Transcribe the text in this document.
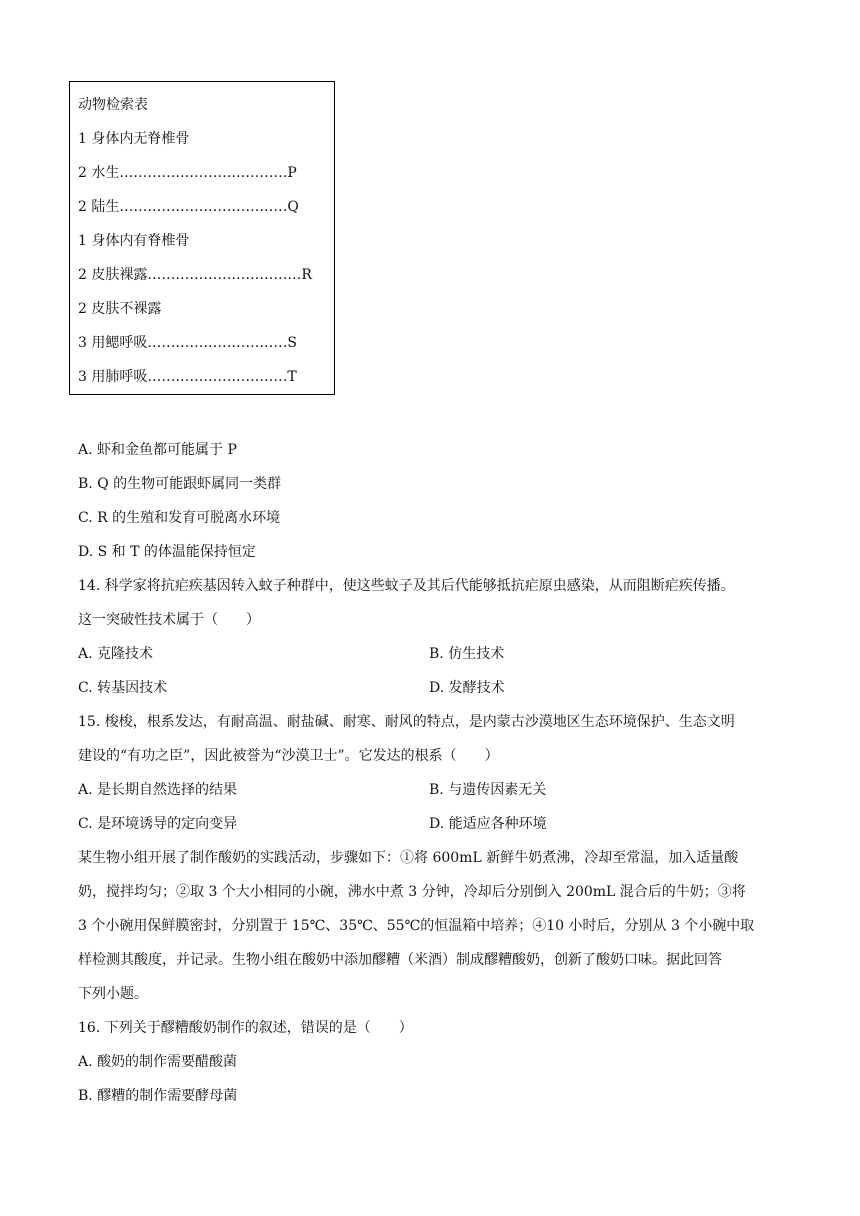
动物检索表
1 身体内无脊椎骨
2 水生………………………………P
2 陆生………………………………Q
1 身体内有脊椎骨
2 皮肤裸露……………………………R
2 皮肤不裸露
3 用鳃呼吸…………………………S
3 用肺呼吸…………………………T
A. 虾和金鱼都可能属于 P
B. Q 的生物可能跟虾属同一类群
C. R 的生殖和发育可脱离水环境
D. S 和 T 的体温能保持恒定
14. 科学家将抗疟疾基因转入蚊子种群中，使这些蚊子及其后代能够抵抗疟原虫感染，从而阻断疟疾传播。
这一突破性技术属于（　　）
A. 克隆技术	B. 仿生技术
C. 转基因技术	D. 发酵技术
15. 梭梭，根系发达，有耐高温、耐盐碱、耐寒、耐风的特点，是内蒙古沙漠地区生态环境保护、生态文明
建设的“有功之臣”，因此被誉为“沙漠卫士”。它发达的根系（　　）
A. 是长期自然选择的结果	B. 与遗传因素无关
C. 是环境诱导的定向变异	D. 能适应各种环境
某生物小组开展了制作酸奶的实践活动，步骤如下：①将 600mL 新鲜牛奶煮沸，冷却至常温，加入适量酸
奶，搅拌均匀；②取 3 个大小相同的小碗，沸水中煮 3 分钟，冷却后分别倒入 200mL 混合后的牛奶；③将
3 个小碗用保鲜膜密封，分别置于 15℃、35℃、55℃的恒温箱中培养；④10 小时后，分别从 3 个小碗中取
样检测其酸度，并记录。生物小组在酸奶中添加醪糟（米酒）制成醪糟酸奶，创新了酸奶口味。据此回答
下列小题。
16. 下列关于醪糟酸奶制作的叙述，错误的是（　　）
A. 酸奶的制作需要醋酸菌
B. 醪糟的制作需要酵母菌
